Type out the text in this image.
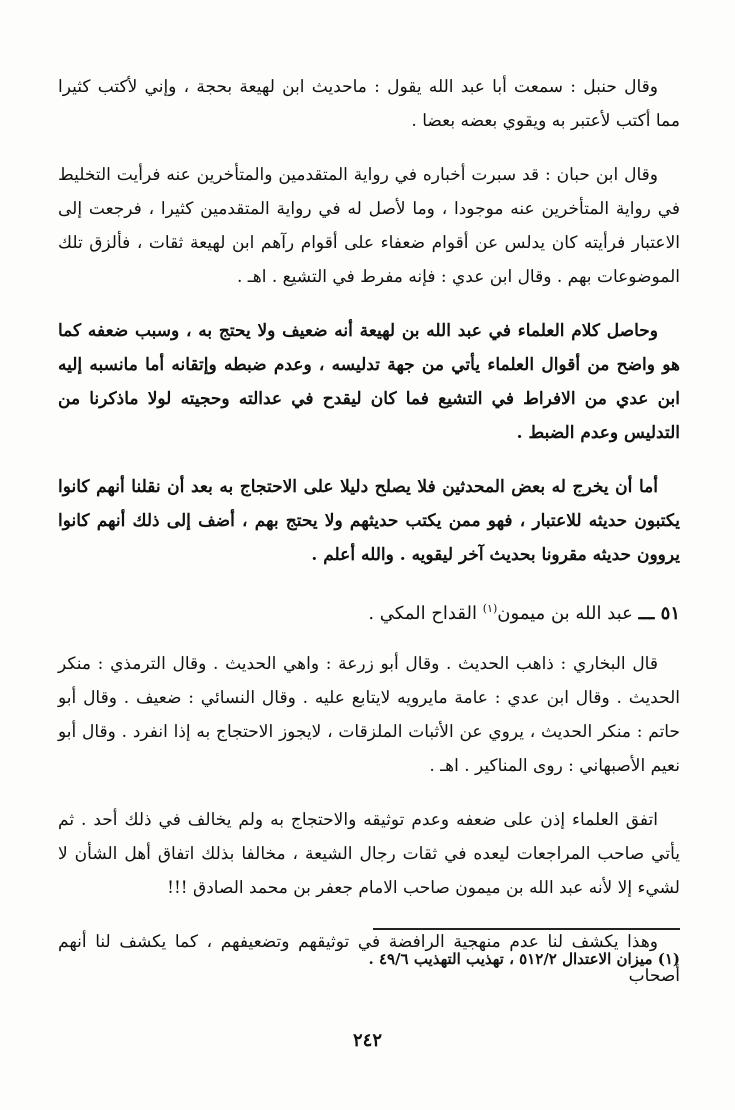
وقال حنبل : سمعت أبا عبد الله يقول : ماحديث ابن لهيعة بحجة ، وإني لأكتب كثيرا مما أكتب لأعتبر به ويقوي بعضه بعضا .

وقال ابن حبان : قد سبرت أخباره في رواية المتقدمين والمتأخرين عنه فرأيت التخليط في رواية المتأخرين عنه موجودا ، وما لأصل له في رواية المتقدمين كثيرا ، فرجعت إلى الاعتبار فرأيته كان يدلس عن أقوام ضعفاء على أقوام رآهم ابن لهيعة ثقات ، فألزق تلك الموضوعات بهم . وقال ابن عدي : فإنه مفرط في التشيع . اهـ .

وحاصل كلام العلماء في عبد الله بن لهيعة أنه ضعيف ولا يحتج به ، وسبب ضعفه كما هو واضح من أقوال العلماء يأتي من جهة تدليسه ، وعدم ضبطه وإتقانه أما مانسبه إليه ابن عدي من الافراط في التشيع فما كان ليقدح في عدالته وحجيته لولا ماذكرنا من التدليس وعدم الضبط .

أما أن يخرج له بعض المحدثين فلا يصلح دليلا على الاحتجاج به بعد أن نقلنا أنهم كانوا يكتبون حديثه للاعتبار ، فهو ممن يكتب حديثهم ولا يحتج بهم ، أضف إلى ذلك أنهم كانوا يروون حديثه مقرونا بحديث آخر ليقويه . والله أعلم .

٥١ ـــ عبد الله بن ميمون$^{(١)}$ القداح المكي .

قال البخاري : ذاهب الحديث . وقال أبو زرعة : واهي الحديث . وقال الترمذي : منكر الحديث . وقال ابن عدي : عامة مايرويه لايتابع عليه . وقال النسائي : ضعيف . وقال أبو حاتم : منكر الحديث ، يروي عن الأثبات الملزقات ، لايجوز الاحتجاج به إذا انفرد . وقال أبو نعيم الأصبهاني : روى المناكير . اهـ .

اتفق العلماء إذن على ضعفه وعدم توثيقه والاحتجاج به ولم يخالف في ذلك أحد . ثم يأتي صاحب المراجعات ليعده في ثقات رجال الشيعة ، مخالفا بذلك اتفاق أهل الشأن لا لشيء إلا لأنه عبد الله بن ميمون صاحب الامام جعفر بن محمد الصادق !!!

وهذا يكشف لنا عدم منهجية الرافضة في توثيقهم وتضعيفهم ، كما يكشف لنا أنهم أصحاب

(١) ميزان الاعتدال ٥١٢/٢ ، تهذيب التهذيب ٤٩/٦ .
٢٤٢
